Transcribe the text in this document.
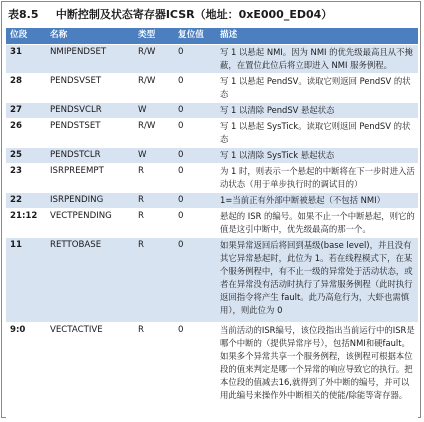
表8.5 中断控制及状态寄存器ICSR（地址：0xE000_ED04）
位段	名称	类型	复位值	描述
31	NMIPENDSET	R/W	0	写 1 以悬起 NMI。因为 NMI 的优先级最高且从不掩蔽，在置位此位后将立即进入 NMI 服务例程。
28	PENDSVSET	R/W	0	写 1 以悬起 PendSV。读取它则返回 PendSV 的状态
27	PENDSVCLR	W	0	写 1 以清除 PendSV 悬起状态
26	PENDSTSET	R/W	0	写 1 以悬起 SysTick。读取它则返回 PendSV 的状态
25	PENDSTCLR	W	0	写 1 以清除 SysTick 悬起状态
23	ISRPREEMPT	R	0	为 1 时，则表示一个悬起的中断将在下一步时进入活动状态（用于单步执行时的调试目的）
22	ISRPENDING	R	0	1=当前正有外部中断被悬起（不包括 NMI）
21:12	VECTPENDING	R	0	悬起的 ISR 的编号。如果不止一个中断悬起，则它的值是这引中断中，优先级最高的那一个。
11	RETTOBASE	R	0	如果异常返回后将回到基级(base level)，并且没有其它异常悬起时，此位为 1。若在线程模式下，在某个服务例程中，有不止一级的异常处于活动状态，或者在异常没有活动时执行了异常服务例程（此时执行返回指令将产生 fault。此乃高危行为，大虾也需慎用），则此位为 0
9:0	VECTACTIVE	R	0	当前活动的ISR编号，该位段指出当前运行中的ISR是哪个中断的（提供异常序号），包括NMI和硬fault。如果多个异常共享一个服务例程，该例程可根据本位段的值来判定是哪一个异常的响应导致它的执行。把本位段的值减去16,就得到了外中断的编号，并可以用此编号来操作外中断相关的使能/除能等寄存器。
